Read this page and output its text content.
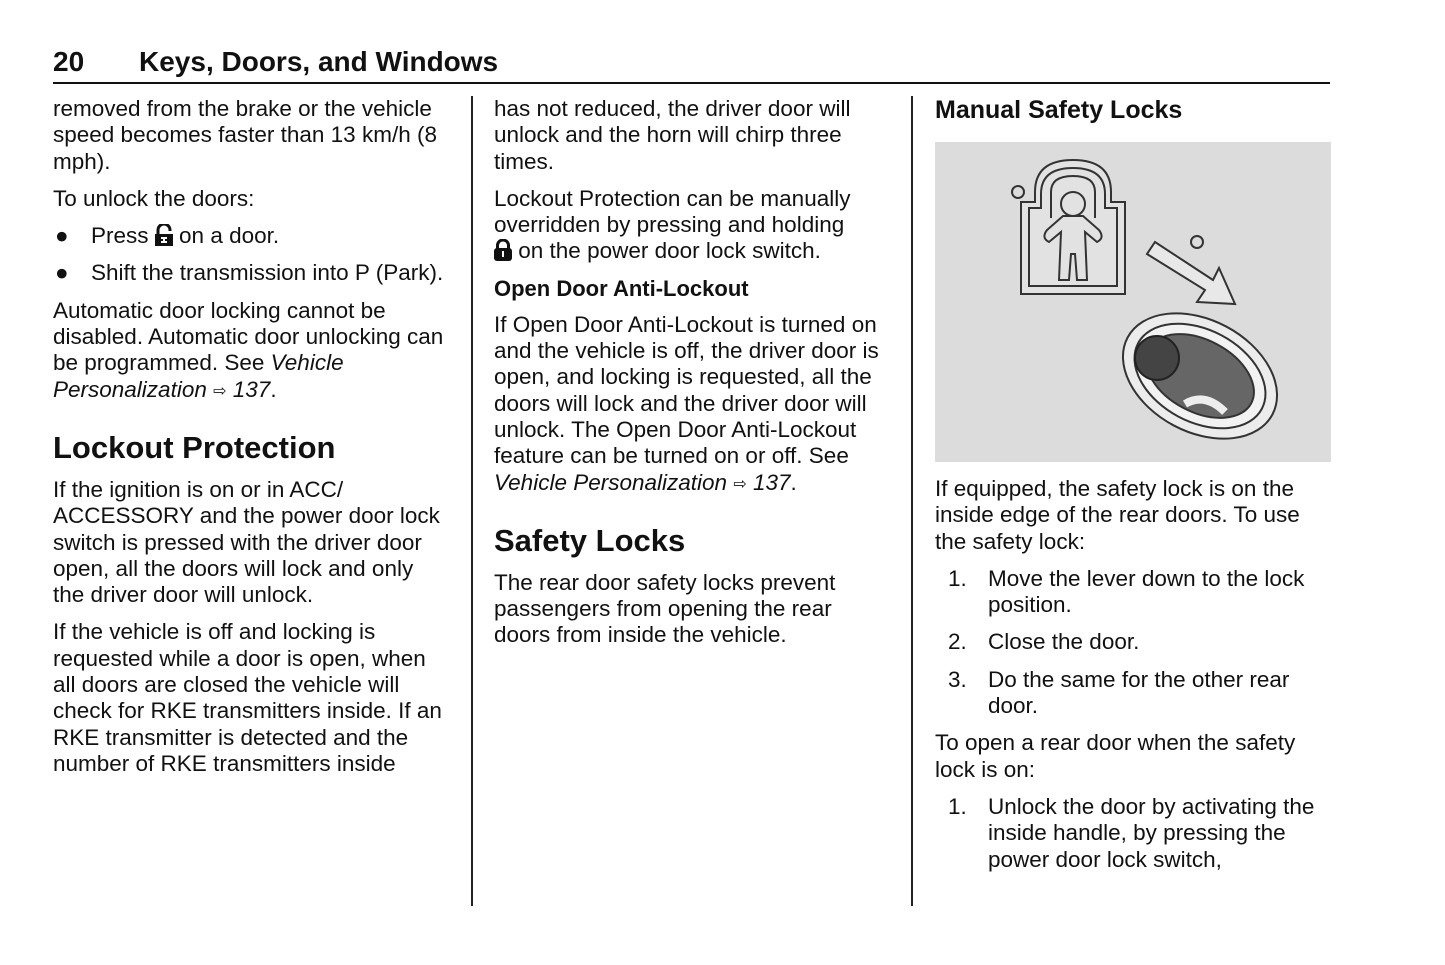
20 Keys, Doors, and Windows

removed from the brake or the vehicle speed becomes faster than 13 km/h (8 mph).

To unlock the doors:

● Press on a door.
● Shift the transmission into P (Park).

Automatic door locking cannot be disabled. Automatic door unlocking can be programmed. See Vehicle Personalization ⇨ 137.

Lockout Protection

If the ignition is on or in ACC/ ACCESSORY and the power door lock switch is pressed with the driver door open, all the doors will lock and only the driver door will unlock.

If the vehicle is off and locking is requested while a door is open, when all doors are closed the vehicle will check for RKE transmitters inside. If an RKE transmitter is detected and the number of RKE transmitters inside

has not reduced, the driver door will unlock and the horn will chirp three times.

Lockout Protection can be manually overridden by pressing and holding
on the power door lock switch.

Open Door Anti-Lockout

If Open Door Anti-Lockout is turned on and the vehicle is off, the driver door is open, and locking is requested, all the doors will lock and the driver door will unlock. The Open Door Anti-Lockout feature can be turned on or off. See Vehicle Personalization ⇨ 137.

Safety Locks

The rear door safety locks prevent passengers from opening the rear doors from inside the vehicle.

Manual Safety Locks

If equipped, the safety lock is on the inside edge of the rear doors. To use the safety lock:

1. Move the lever down to the lock position.
2. Close the door.
3. Do the same for the other rear door.

To open a rear door when the safety lock is on:

1. Unlock the door by activating the inside handle, by pressing the power door lock switch,
